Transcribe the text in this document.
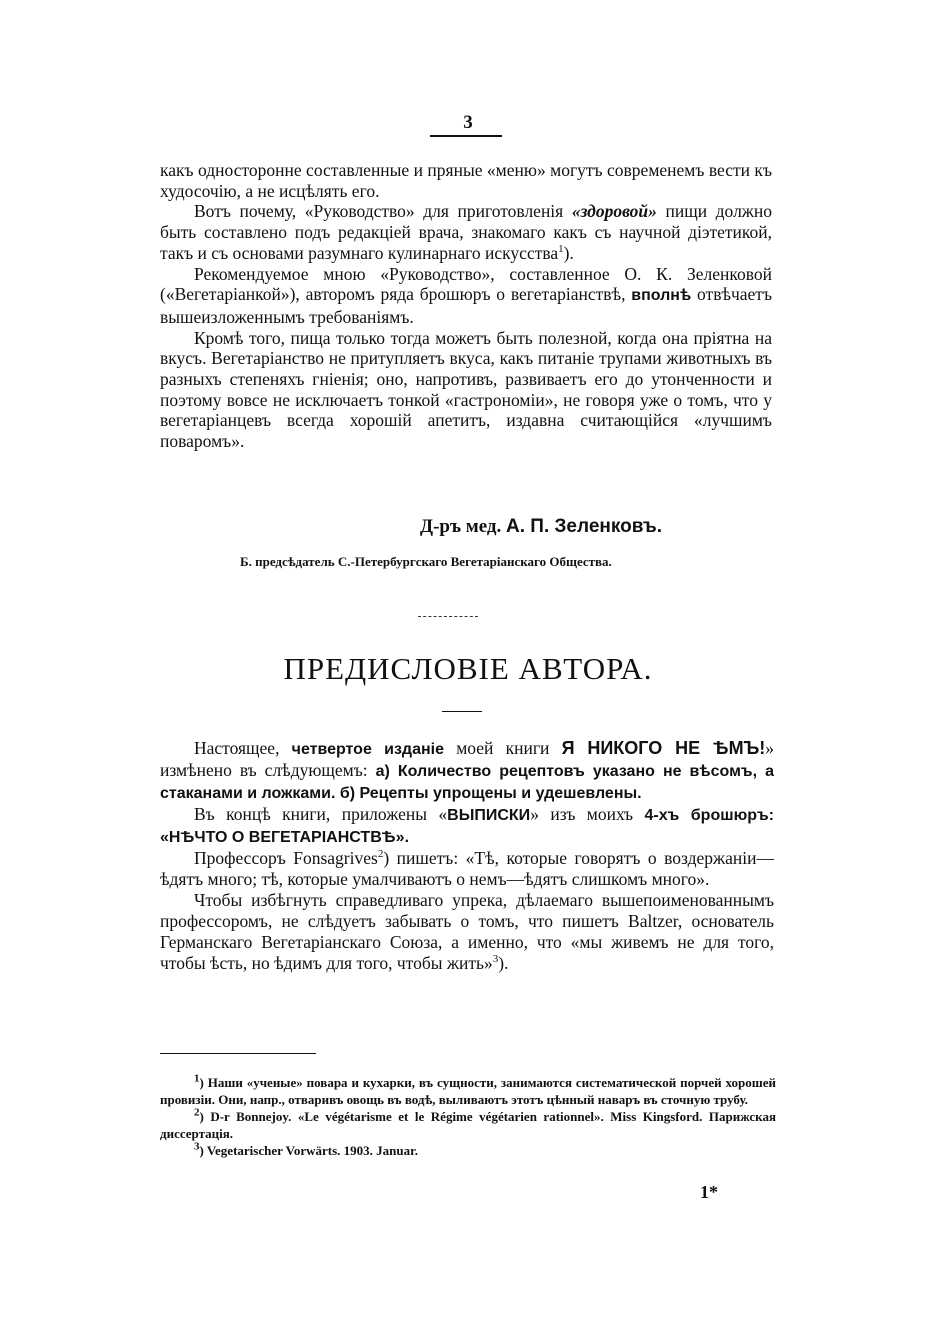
3

какъ односторонне составленные и пряные «меню» могутъ современемъ вести къ худосочію, а не исцѣлять его.

Вотъ почему, «Руководство» для приготовленія «здоровой» пищи должно быть составлено подъ редакціей врача, знакомаго какъ съ научной діэтетикой, такъ и съ основами разумнаго кулинарнаго искусства$^1$).

Рекомендуемое мною «Руководство», составленное О. К. Зеленковой («Вегетаріанкой»), авторомъ ряда брошюръ о вегетаріанствѣ, вполнѣ отвѣчаетъ вышеизложеннымъ требованіямъ.

Кромѣ того, пища только тогда можетъ быть полезной, когда она пріятна на вкусъ. Вегетаріанство не притупляетъ вкуса, какъ питаніе трупами животныхъ въ разныхъ степеняхъ гніенія; оно, напротивъ, развиваетъ его до утонченности и поэтому вовсе не исключаетъ тонкой «гастрономіи», не говоря уже о томъ, что у вегетаріанцевъ всегда хорошій апетитъ, издавна считающійся «лучшимъ поваромъ».

Д-ръ мед. А. П. Зеленковъ.
Б. предсѣдатель С.-Петербургскаго Вегетаріанскаго Общества.
ПРЕДИСЛОВІЕ АВТОРА.

Настоящее, четвертое изданіе моей книги Я НИКОГО НЕ ѢМЪ!» измѣнено въ слѣдующемъ: а) Количество рецептовъ указано не вѣсомъ, а стаканами и ложками. б) Рецепты упрощены и удешевлены.

Въ концѣ книги, приложены «ВЫПИСКИ» изъ моихъ 4-хъ брошюръ: «НѢЧТО О ВЕГЕТАРІАНСТВѢ».

Профессоръ Fonsagrives$^2$) пишетъ: «Тѣ, которые говорятъ о воздержаніи—ѣдятъ много; тѣ, которые умалчиваютъ о немъ—ѣдятъ слишкомъ много».

Чтобы избѣгнуть справедливаго упрека, дѣлаемаго вышепоименованнымъ профессоромъ, не слѣдуетъ забывать о томъ, что пишетъ Baltzer, основатель Германскаго Вегетаріанскаго Союза, а именно, что «мы живемъ не для того, чтобы ѣсть, но ѣдимъ для того, чтобы жить»$^3$).

$^1$) Наши «ученые» повара и кухарки, въ сущности, занимаются систематической порчей хорошей провизіи. Они, напр., отваривъ овощь въ водѣ, выливаютъ этотъ цѣнный наваръ въ сточную трубу.

$^2$) D-r Bonnejoy. «Le végétarisme et le Régime végétarien rationnel». Miss Kingsford. Парижская диссертація.

$^3$) Vegetarischer Vorwärts. 1903. Januar.

1*
